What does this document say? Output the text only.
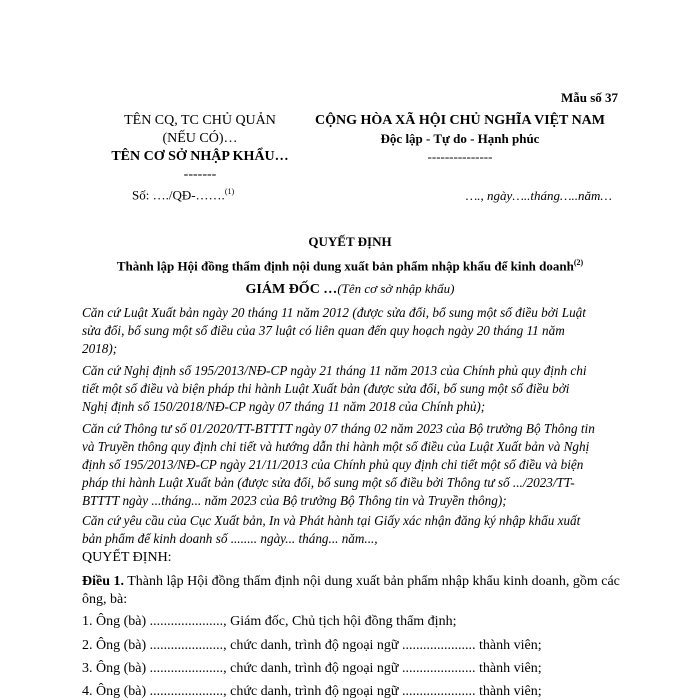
Mẫu số 37
TÊN CQ, TC CHỦ QUẢN
(NẾU CÓ)…
TÊN CƠ SỞ NHẬP KHẨU…
-------
Số: …./QĐ-…….$^{(1)}$
CỘNG HÒA XÃ HỘI CHỦ NGHĨA VIỆT NAM
Độc lập - Tự do - Hạnh phúc
---------------
…., ngày…..tháng…..năm…
QUYẾT ĐỊNH
Thành lập Hội đồng thẩm định nội dung xuất bản phẩm nhập khẩu để kinh doanh$^{(2)}$
GIÁM ĐỐC …(Tên cơ sở nhập khẩu)
Căn cứ Luật Xuất bản ngày 20 tháng 11 năm 2012 (được sửa đổi, bổ sung một số điều bởi Luật
sửa đổi, bổ sung một số điều của 37 luật có liên quan đến quy hoạch ngày 20 tháng 11 năm
2018);
Căn cứ Nghị định số 195/2013/NĐ-CP ngày 21 tháng 11 năm 2013 của Chính phủ quy định chi
tiết một số điều và biện pháp thi hành Luật Xuất bản (được sửa đổi, bổ sung một số điều bởi
Nghị định số 150/2018/NĐ-CP ngày 07 tháng 11 năm 2018 của Chính phủ);
Căn cứ Thông tư số 01/2020/TT-BTTTT ngày 07 tháng 02 năm 2023 của Bộ trưởng Bộ Thông tin
và Truyền thông quy định chi tiết và hướng dẫn thi hành một số điều của Luật Xuất bản và Nghị
định số 195/2013/NĐ-CP ngày 21/11/2013 của Chính phủ quy định chi tiết một số điều và biện
pháp thi hành Luật Xuất bản (được sửa đổi, bổ sung một số điều bởi Thông tư số .../2023/TT-
BTTTT ngày ...tháng... năm 2023 của Bộ trưởng Bộ Thông tin và Truyền thông);
Căn cứ yêu cầu của Cục Xuất bản, In và Phát hành tại Giấy xác nhận đăng ký nhập khẩu xuất
bản phẩm để kinh doanh số ........ ngày... tháng... năm...,
QUYẾT ĐỊNH:
Điều 1. Thành lập Hội đồng thẩm định nội dung xuất bản phẩm nhập khẩu kinh doanh, gồm các
ông, bà:
1. Ông (bà) ....................., Giám đốc, Chủ tịch hội đồng thẩm định;
2. Ông (bà) ....................., chức danh, trình độ ngoại ngữ ..................... thành viên;
3. Ông (bà) ....................., chức danh, trình độ ngoại ngữ ..................... thành viên;
4. Ông (bà) ....................., chức danh, trình độ ngoại ngữ ..................... thành viên;
